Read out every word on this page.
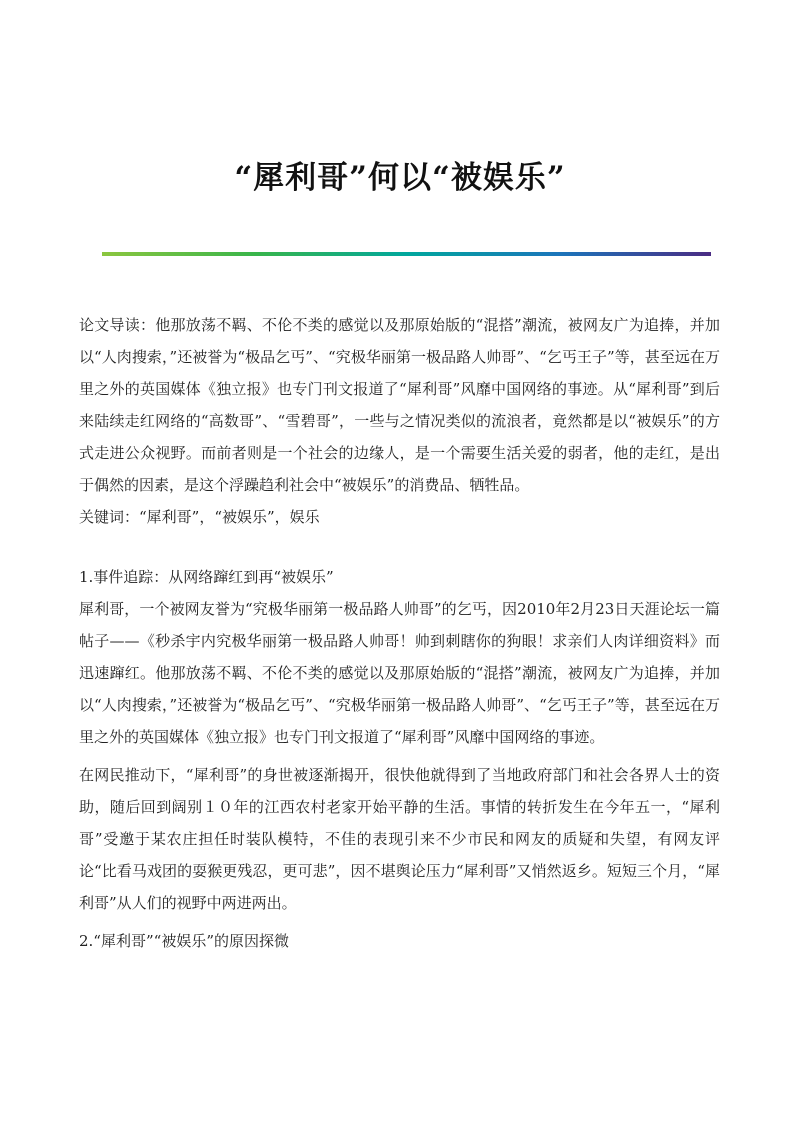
“犀利哥”何以“被娱乐”

论文导读：他那放荡不羁、不伦不类的感觉以及那原始版的“混搭”潮流，被网友广为追捧，并加以“人肉搜索，”还被誉为“极品乞丐”、“究极华丽第一极品路人帅哥”、“乞丐王子”等，甚至远在万里之外的英国媒体《独立报》也专门刊文报道了“犀利哥”风靡中国网络的事迹。从“犀利哥”到后来陆续走红网络的“高数哥”、“雪碧哥”，一些与之情况类似的流浪者，竟然都是以“被娱乐”的方式走进公众视野。而前者则是一个社会的边缘人，是一个需要生活关爱的弱者，他的走红，是出于偶然的因素，是这个浮躁趋利社会中“被娱乐”的消费品、牺牲品。

关键词：“犀利哥”，“被娱乐”，娱乐

1.事件追踪：从网络蹿红到再“被娱乐”

犀利哥，一个被网友誉为“究极华丽第一极品路人帅哥”的乞丐，因2010年2月23日天涯论坛一篇帖子——《秒杀宇内究极华丽第一极品路人帅哥！帅到刺瞎你的狗眼！求亲们人肉详细资料》而迅速蹿红。他那放荡不羁、不伦不类的感觉以及那原始版的“混搭”潮流，被网友广为追捧，并加以“人肉搜索，”还被誉为“极品乞丐”、“究极华丽第一极品路人帅哥”、“乞丐王子”等，甚至远在万里之外的英国媒体《独立报》也专门刊文报道了“犀利哥”风靡中国网络的事迹。

在网民推动下，“犀利哥”的身世被逐渐揭开，很快他就得到了当地政府部门和社会各界人士的资助，随后回到阔别１０年的江西农村老家开始平静的生活。事情的转折发生在今年五一，“犀利哥”受邀于某农庄担任时装队模特，不佳的表现引来不少市民和网友的质疑和失望，有网友评论“比看马戏团的耍猴更残忍，更可悲”，因不堪舆论压力“犀利哥”又悄然返乡。短短三个月，“犀利哥”从人们的视野中两进两出。

2.“犀利哥”“被娱乐”的原因探微
